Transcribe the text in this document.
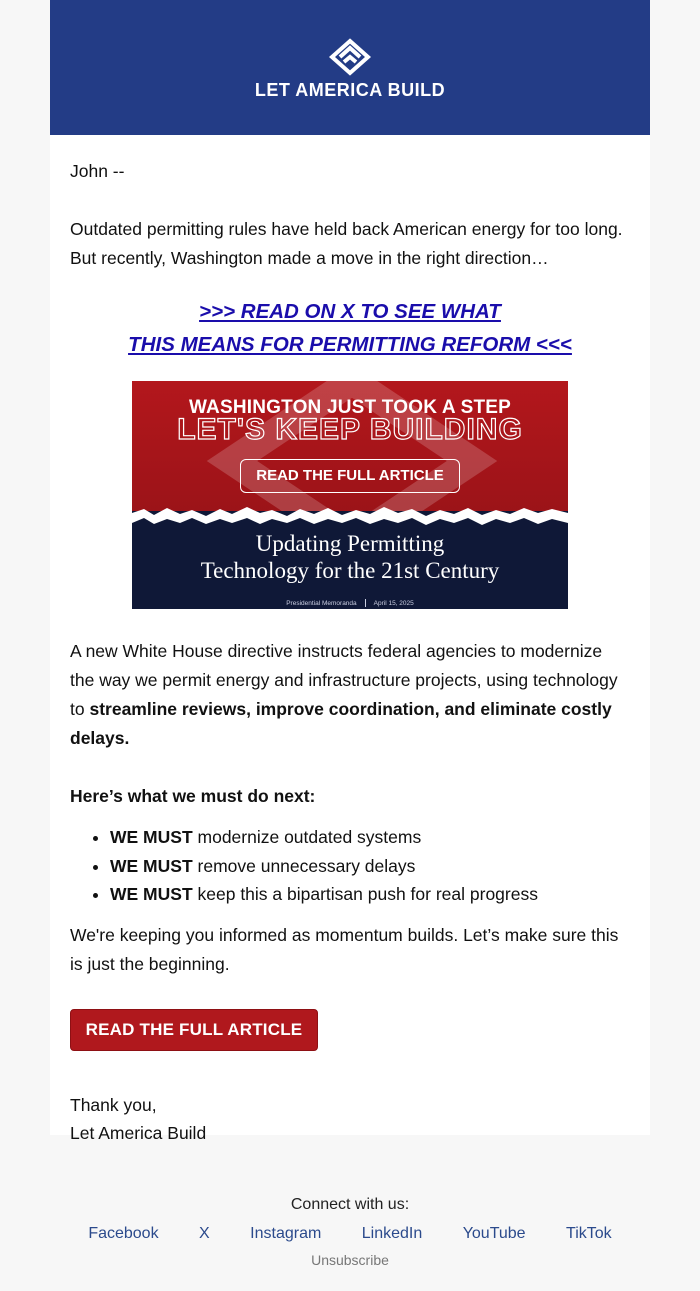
LET AMERICA BUILD

John --

Outdated permitting rules have held back American energy for too long. But recently, Washington made a move in the right direction…

>>> READ ON X TO SEE WHAT
THIS MEANS FOR PERMITTING REFORM <<<
WASHINGTON JUST TOOK A STEP
LET'S KEEP BUILDING
READ THE FULL ARTICLE
Updating Permitting
Technology for the 21st Century
Presidential Memoranda	April 15, 2025

A new White House directive instructs federal agencies to modernize the way we permit energy and infrastructure projects, using technology to streamline reviews, improve coordination, and eliminate costly delays.

Here’s what we must do next:

• WE MUST modernize outdated systems
• WE MUST remove unnecessary delays
• WE MUST keep this a bipartisan push for real progress

We're keeping you informed as momentum builds. Let’s make sure this is just the beginning.

READ THE FULL ARTICLE

Thank you,
Let America Build

Connect with us:
Facebook	X	Instagram	LinkedIn	YouTube	TikTok
Unsubscribe
